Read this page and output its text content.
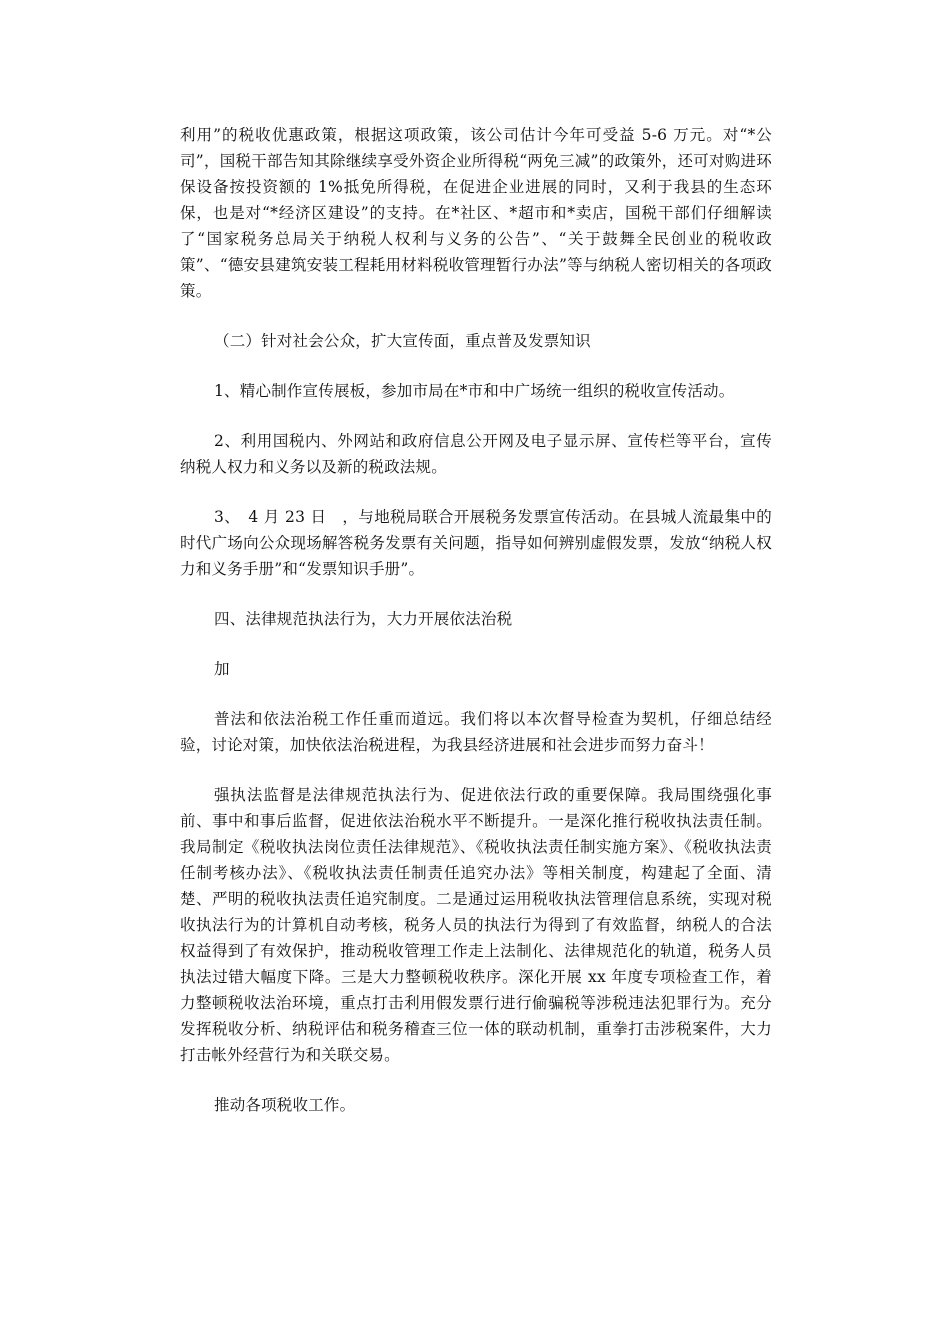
利用”的税收优惠政策，根据这项政策，该公司估计今年可受益 5-6 万元。对“*公司”，国税干部告知其除继续享受外资企业所得税“两免三减”的政策外，还可对购进环保设备按投资额的 1%抵免所得税，在促进企业进展的同时，又利于我县的生态环保，也是对“*经济区建设”的支持。在*社区、*超市和*卖店，国税干部们仔细解读了“国家税务总局关于纳税人权利与义务的公告”、“关于鼓舞全民创业的税收政策”、“德安县建筑安装工程耗用材料税收管理暂行办法”等与纳税人密切相关的各项政策。

（二）针对社会公众，扩大宣传面，重点普及发票知识

1、精心制作宣传展板，参加市局在*市和中广场统一组织的税收宣传活动。

2、利用国税内、外网站和政府信息公开网及电子显示屏、宣传栏等平台，宣传纳税人权力和义务以及新的税政法规。

3、　4 月 23 日　，与地税局联合开展税务发票宣传活动。在县城人流最集中的时代广场向公众现场解答税务发票有关问题，指导如何辨别虚假发票，发放“纳税人权力和义务手册”和“发票知识手册”。

四、法律规范执法行为，大力开展依法治税

加

普法和依法治税工作任重而道远。我们将以本次督导检查为契机，仔细总结经验，讨论对策，加快依法治税进程，为我县经济进展和社会进步而努力奋斗！

强执法监督是法律规范执法行为、促进依法行政的重要保障。我局围绕强化事前、事中和事后监督，促进依法治税水平不断提升。一是深化推行税收执法责任制。我局制定《税收执法岗位责任法律规范》、《税收执法责任制实施方案》、《税收执法责任制考核办法》、《税收执法责任制责任追究办法》等相关制度，构建起了全面、清楚、严明的税收执法责任追究制度。二是通过运用税收执法管理信息系统，实现对税收执法行为的计算机自动考核，税务人员的执法行为得到了有效监督，纳税人的合法权益得到了有效保护，推动税收管理工作走上法制化、法律规范化的轨道，税务人员执法过错大幅度下降。三是大力整顿税收秩序。深化开展 xx 年度专项检查工作，着力整顿税收法治环境，重点打击利用假发票行进行偷骗税等涉税违法犯罪行为。充分发挥税收分析、纳税评估和税务稽查三位一体的联动机制，重拳打击涉税案件，大力打击帐外经营行为和关联交易。

推动各项税收工作。
